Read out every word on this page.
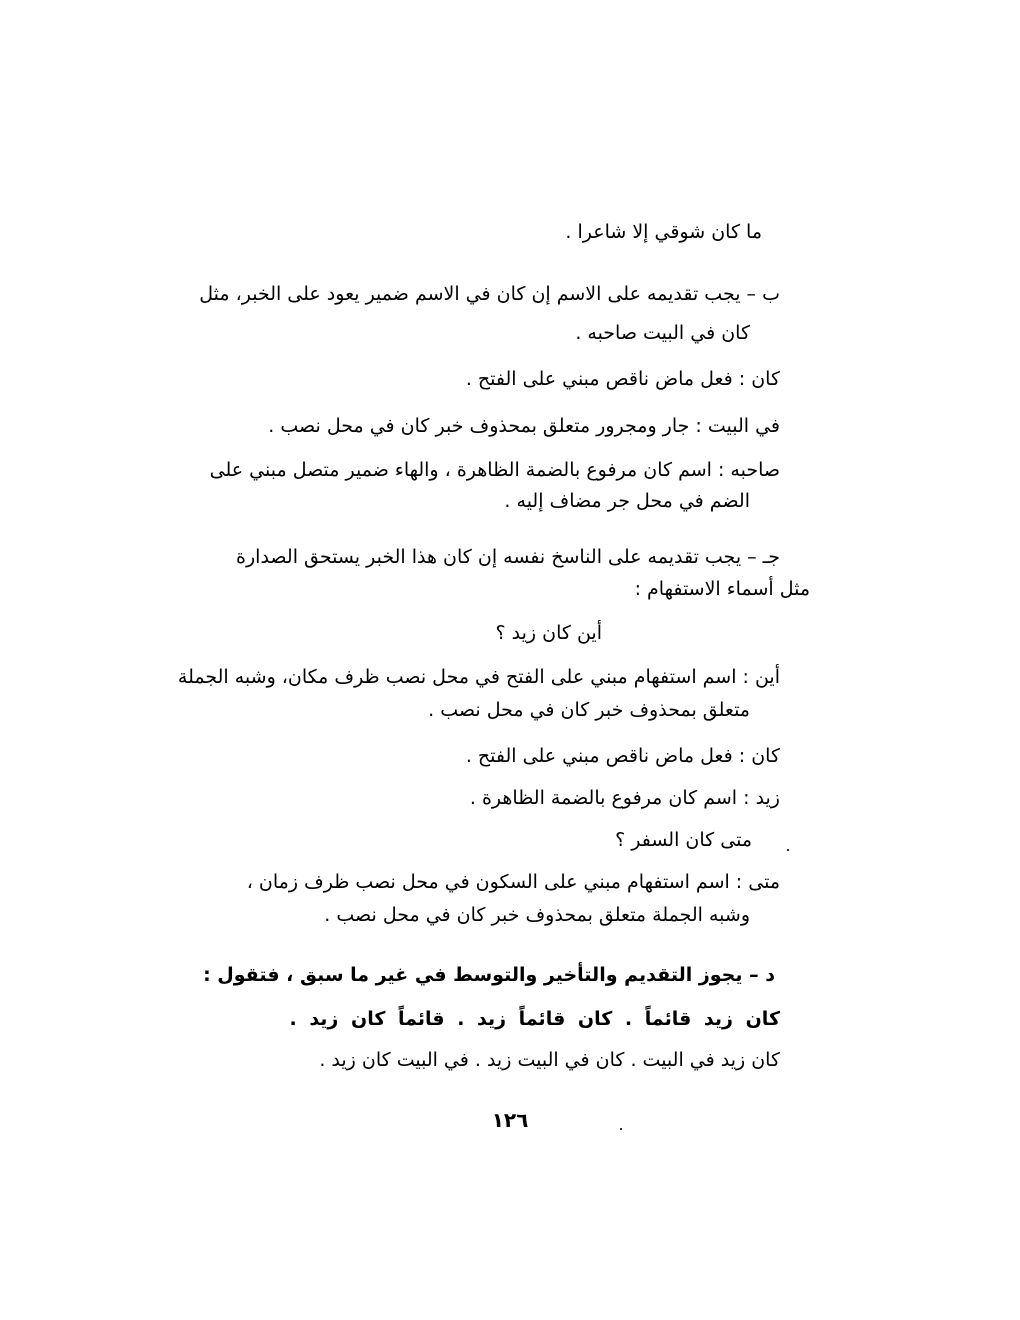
ما كان شوقي إلا شاعرا .
ب – يجب تقديمه على الاسم إن كان في الاسم ضمير يعود على الخبر، مثل
كان في البيت صاحبه .
كان : فعل ماض ناقص مبني على الفتح .
في البيت : جار ومجرور متعلق بمحذوف خبر كان في محل نصب .
صاحبه : اسم كان مرفوع بالضمة الظاهرة ، والهاء ضمير متصل مبني على
الضم في محل جر مضاف إليه .
جـ – يجب تقديمه على الناسخ نفسه إن كان هذا الخبر يستحق الصدارة
مثل أسماء الاستفهام :
أين كان زيد ؟
أين : اسم استفهام مبني على الفتح في محل نصب ظرف مكان، وشبه الجملة
متعلق بمحذوف خبر كان في محل نصب .
كان : فعل ماض ناقص مبني على الفتح .
زيد : اسم كان مرفوع بالضمة الظاهرة .
متى كان السفر ؟
متى : اسم استفهام مبني على السكون في محل نصب ظرف زمان ،
وشبه الجملة متعلق بمحذوف خبر كان في محل نصب .
د – يجوز التقديم والتأخير والتوسط في غير ما سبق ، فتقول :
كان زيد قائماً . كان قائماً زيد . قائماً كان زيد .
كان زيد في البيت . كان في البيت زيد . في البيت كان زيد .
١٢٦
